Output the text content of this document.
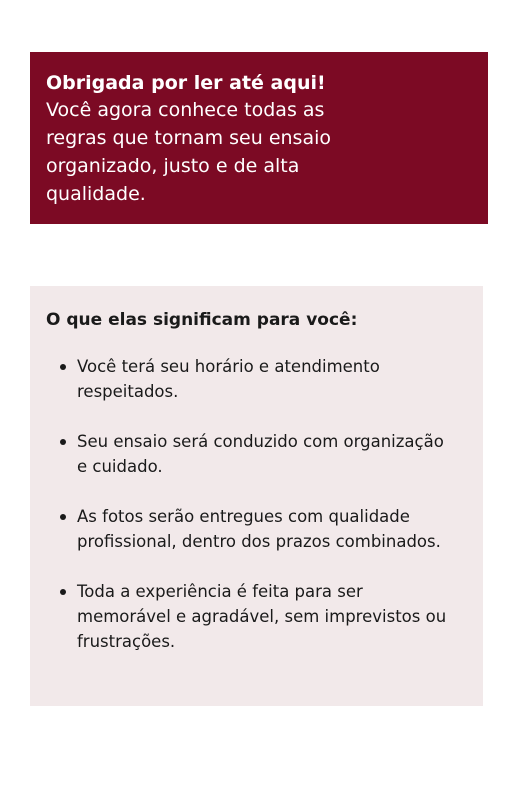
Obrigada por ler até aqui!
Você agora conhece todas as regras que tornam seu ensaio organizado, justo e de alta qualidade.
O que elas significam para você:
Você terá seu horário e atendimento respeitados.
Seu ensaio será conduzido com organização e cuidado.
As fotos serão entregues com qualidade profissional, dentro dos prazos combinados.
Toda a experiência é feita para ser memorável e agradável, sem imprevistos ou frustrações.
